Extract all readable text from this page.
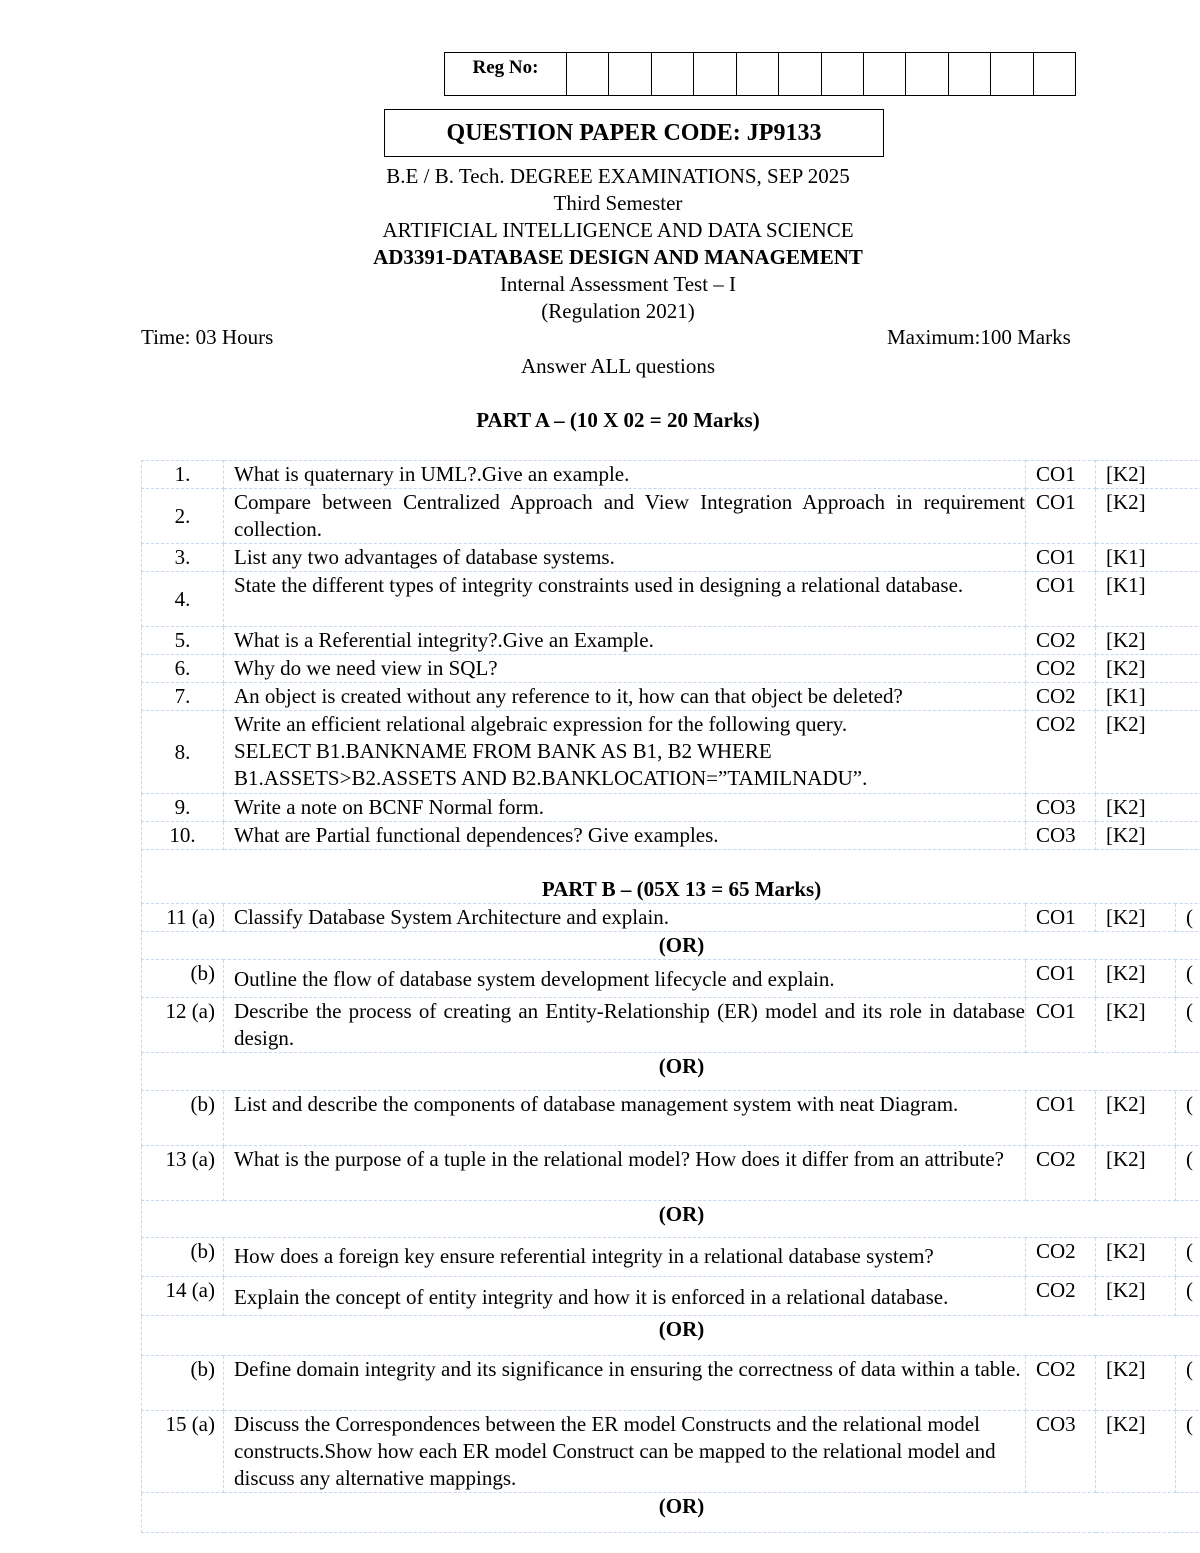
Reg No:
QUESTION PAPER CODE: JP9133
B.E / B. Tech. DEGREE EXAMINATIONS, SEP 2025
Third Semester
ARTIFICIAL INTELLIGENCE AND DATA SCIENCE
AD3391-DATABASE DESIGN AND MANAGEMENT
Internal Assessment Test – I
(Regulation 2021)
Time: 03 Hours	Maximum:100 Marks
Answer ALL questions
PART A – (10 X 02 = 20 Marks)
1.	What is quaternary in UML?.Give an example.	CO1	[K2]
2.	Compare between Centralized Approach and View Integration Approach in requirement collection.	CO1	[K2]
3.	List any two advantages of database systems.	CO1	[K1]
4.	State the different types of integrity constraints used in designing a relational database.	CO1	[K1]
5.	What is a Referential integrity?.Give an Example.	CO2	[K2]
6.	Why do we need view in SQL?	CO2	[K2]
7.	An object is created without any reference to it, how can that object be deleted?	CO2	[K1]
8.	Write an efficient relational algebraic expression for the following query.
SELECT B1.BANKNAME FROM BANK AS B1, B2 WHERE
B1.ASSETS>B2.ASSETS AND B2.BANKLOCATION=”TAMILNADU”.	CO2	[K2]
9.	Write a note on BCNF Normal form.	CO3	[K2]
10.	What are Partial functional dependences? Give examples.	CO3	[K2]
PART B – (05X 13 = 65 Marks)				
11 (a)	Classify Database System Architecture and explain.	CO1	[K2]	(
(OR)				
(b)	Outline the flow of database system development lifecycle and explain.	CO1	[K2]	(
12 (a)	Describe the process of creating an Entity-Relationship (ER) model and its role in database design.	CO1	[K2]	(
(OR)				
(b)	List and describe the components of database management system with neat Diagram.	CO1	[K2]	(
13 (a)	What is the purpose of a tuple in the relational model? How does it differ from an attribute?	CO2	[K2]	(
(OR)				
(b)	How does a foreign key ensure referential integrity in a relational database system?	CO2	[K2]	(
14 (a)	Explain the concept of entity integrity and how it is enforced in a relational database.	CO2	[K2]	(
(OR)				
(b)	Define domain integrity and its significance in ensuring the correctness of data within a table.	CO2	[K2]	(
15 (a)	Discuss the Correspondences between the ER model Constructs and the relational model constructs.Show how each ER model Construct can be mapped to the relational model and discuss any alternative mappings.	CO3	[K2]	(
(OR)				
